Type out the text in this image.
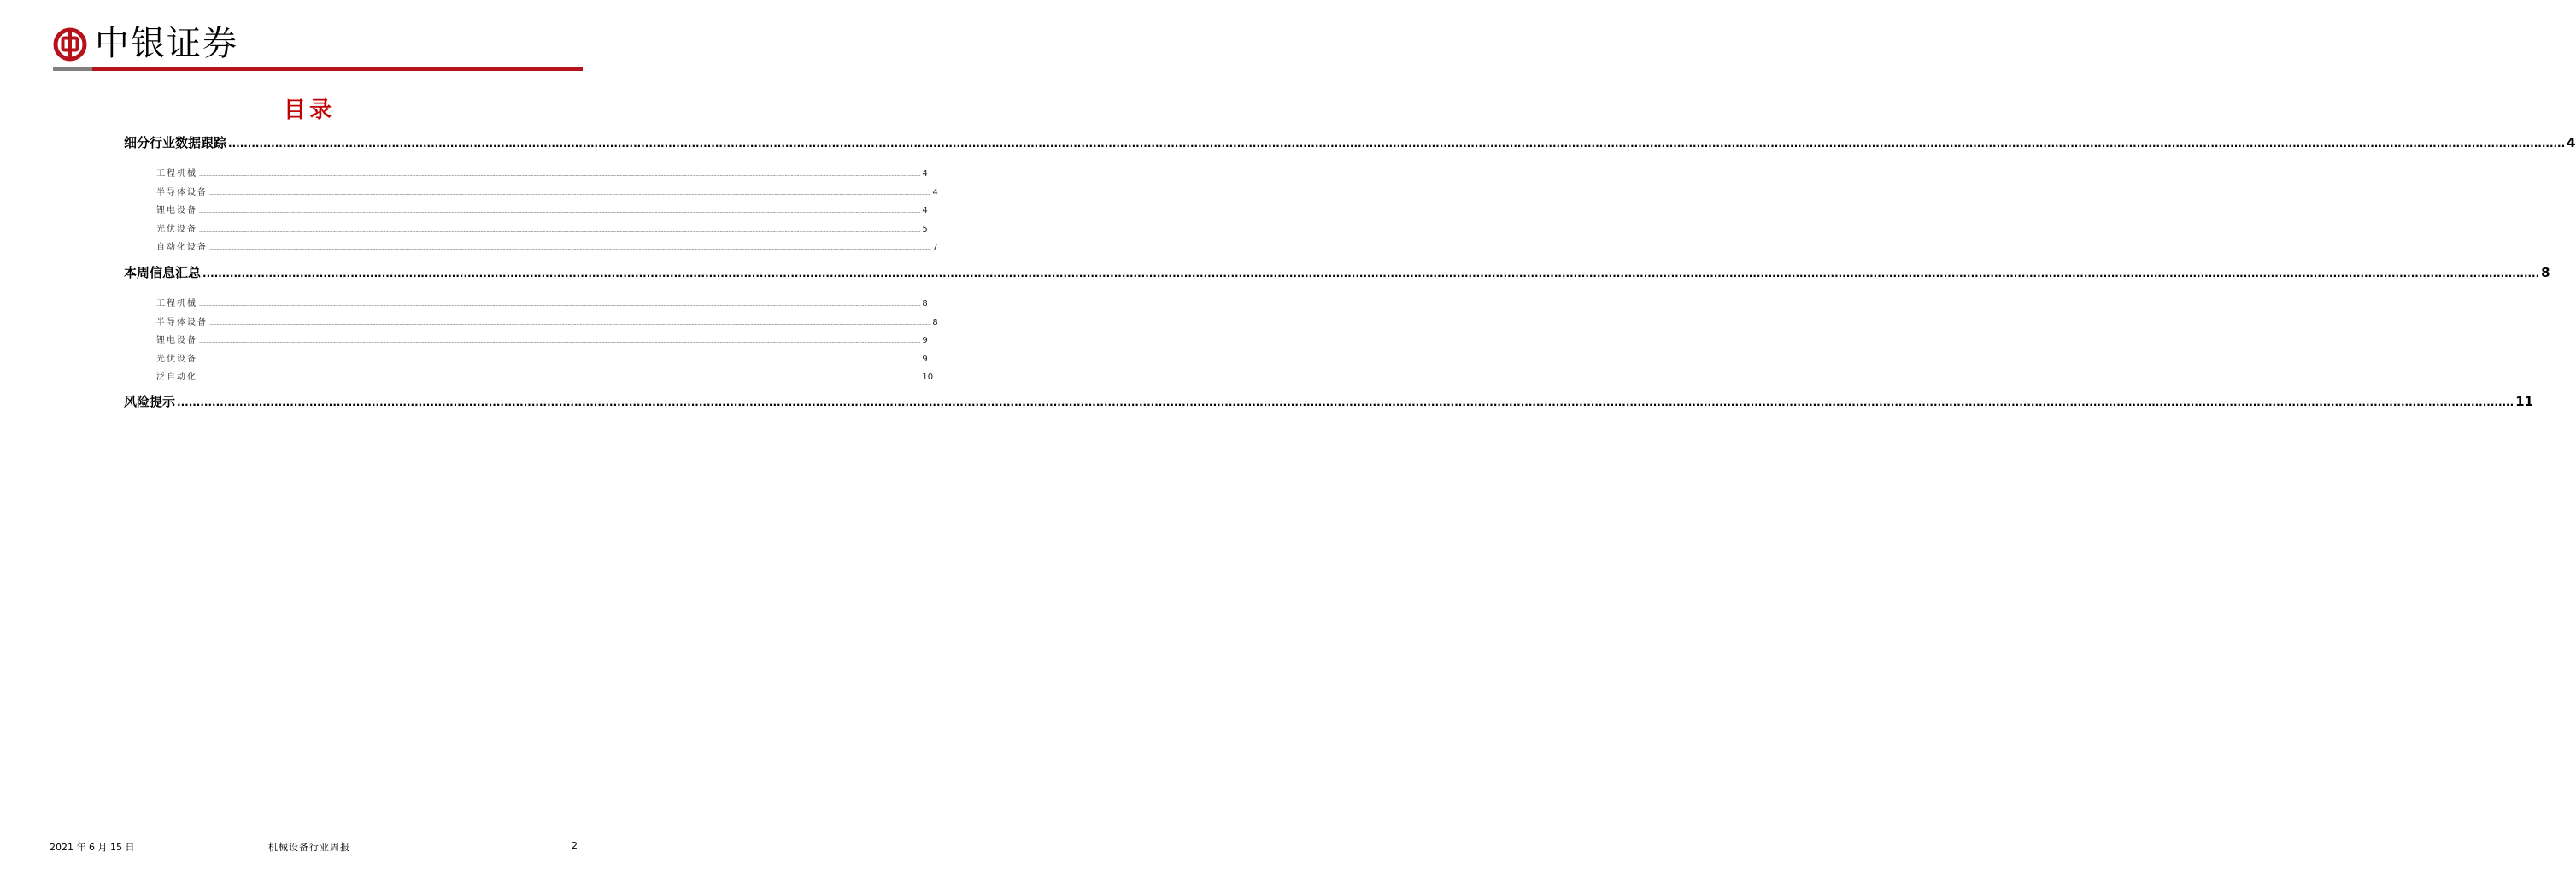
中银证券
目录
细分行业数据跟踪 ........................................................................................................................................................................................................................................................................................................................................................................................................................................................................................................................................................................................................................ 4
工程机械 ........................................................................................................................................................................................................................................................................................................................................................................................................................................................................................................................................................................................................................ 4
半导体设备 ........................................................................................................................................................................................................................................................................................................................................................................................................................................................................................................................................................................................................................ 4
锂电设备 ........................................................................................................................................................................................................................................................................................................................................................................................................................................................................................................................................................................................................................ 4
光伏设备 ........................................................................................................................................................................................................................................................................................................................................................................................................................................................................................................................................................................................................................ 5
自动化设备 ........................................................................................................................................................................................................................................................................................................................................................................................................................................................................................................................................................................................................................ 7
本周信息汇总 ........................................................................................................................................................................................................................................................................................................................................................................................................................................................................................................................................................................................................................ 8
工程机械 ........................................................................................................................................................................................................................................................................................................................................................................................................................................................................................................................................................................................................................ 8
半导体设备 ........................................................................................................................................................................................................................................................................................................................................................................................................................................................................................................................................................................................................................ 8
锂电设备 ........................................................................................................................................................................................................................................................................................................................................................................................................................................................................................................................................................................................................................ 9
光伏设备 ........................................................................................................................................................................................................................................................................................................................................................................................................................................................................................................................................................................................................................ 9
泛自动化 ........................................................................................................................................................................................................................................................................................................................................................................................................................................................................................................................................................................................................................ 10
风险提示 ........................................................................................................................................................................................................................................................................................................................................................................................................................................................................................................................................................................................................................ 11
2021 年 6 月 15 日	机械设备行业周报	2
